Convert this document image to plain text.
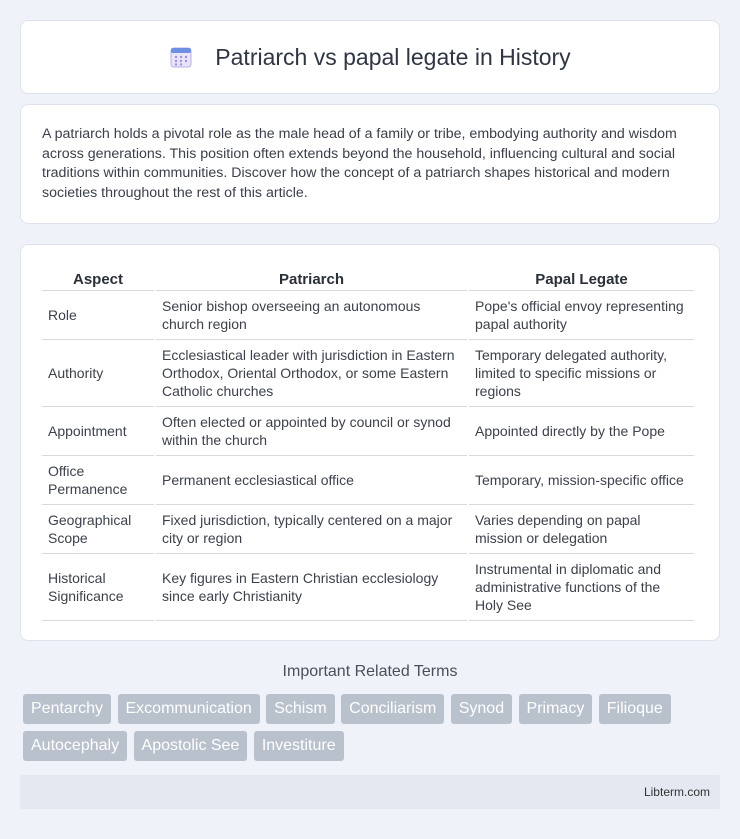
Patriarch vs papal legate in History

A patriarch holds a pivotal role as the male head of a family or tribe, embodying authority and wisdom across generations. This position often extends beyond the household, influencing cultural and social traditions within communities. Discover how the concept of a patriarch shapes historical and modern societies throughout the rest of this article.

Aspect	Patriarch	Papal Legate
Role	Senior bishop overseeing an autonomous church region	Pope's official envoy representing papal authority
Authority	Ecclesiastical leader with jurisdiction in Eastern Orthodox, Oriental Orthodox, or some Eastern Catholic churches	Temporary delegated authority, limited to specific missions or regions
Appointment	Often elected or appointed by council or synod within the church	Appointed directly by the Pope
Office Permanence	Permanent ecclesiastical office	Temporary, mission-specific office
Geographical Scope	Fixed jurisdiction, typically centered on a major city or region	Varies depending on papal mission or delegation
Historical Significance	Key figures in Eastern Christian ecclesiology since early Christianity	Instrumental in diplomatic and administrative functions of the Holy See
Important Related Terms
Pentarchy Excommunication Schism Conciliarism Synod Primacy Filioque Autocephaly Apostolic See Investiture
Libterm.com
